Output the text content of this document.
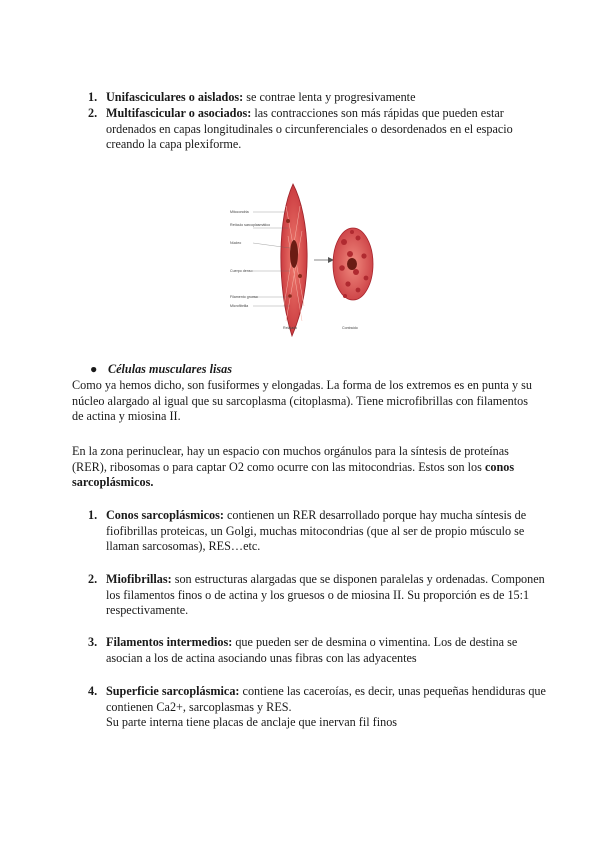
1. Unifasciculares o aislados: se contrae lenta y progresivamente
2. Multifascicular o asociados: las contracciones son más rápidas que pueden estar ordenados en capas longitudinales o circunferenciales o desordenados en el espacio creando la capa plexiforme.
Mitocondria
Retículo sarcoplasmático
Núcleo
Cuerpo denso
Filamento grueso
Microfibrilla
Relajado	Contraído
● Células musculares lisas
Como ya hemos dicho, son fusiformes y elongadas. La forma de los extremos es en punta y su núcleo alargado al igual que su sarcoplasma (citoplasma). Tiene microfibrillas con filamentos de actina y miosina II.
En la zona perinuclear, hay un espacio con muchos orgánulos para la síntesis de proteínas (RER), ribosomas o para captar O2 como ocurre con las mitocondrias. Estos son los conos sarcoplásmicos.
1. Conos sarcoplásmicos: contienen un RER desarrollado porque hay mucha síntesis de fiofibrillas proteicas, un Golgi, muchas mitocondrias (que al ser de propio músculo se llaman sarcosomas), RES…etc.
2. Miofibrillas: son estructuras alargadas que se disponen paralelas y ordenadas. Componen los filamentos finos o de actina y los gruesos o de miosina II. Su proporción es de 15:1 respectivamente.
3. Filamentos intermedios: que pueden ser de desmina o vimentina. Los de destina se asocian a los de actina asociando unas fibras con las adyacentes
4. Superficie sarcoplásmica: contiene las caceroías, es decir, unas pequeñas hendiduras que contienen Ca2+, sarcoplasmas y RES.
Su parte interna tiene placas de anclaje que inervan fil finos
